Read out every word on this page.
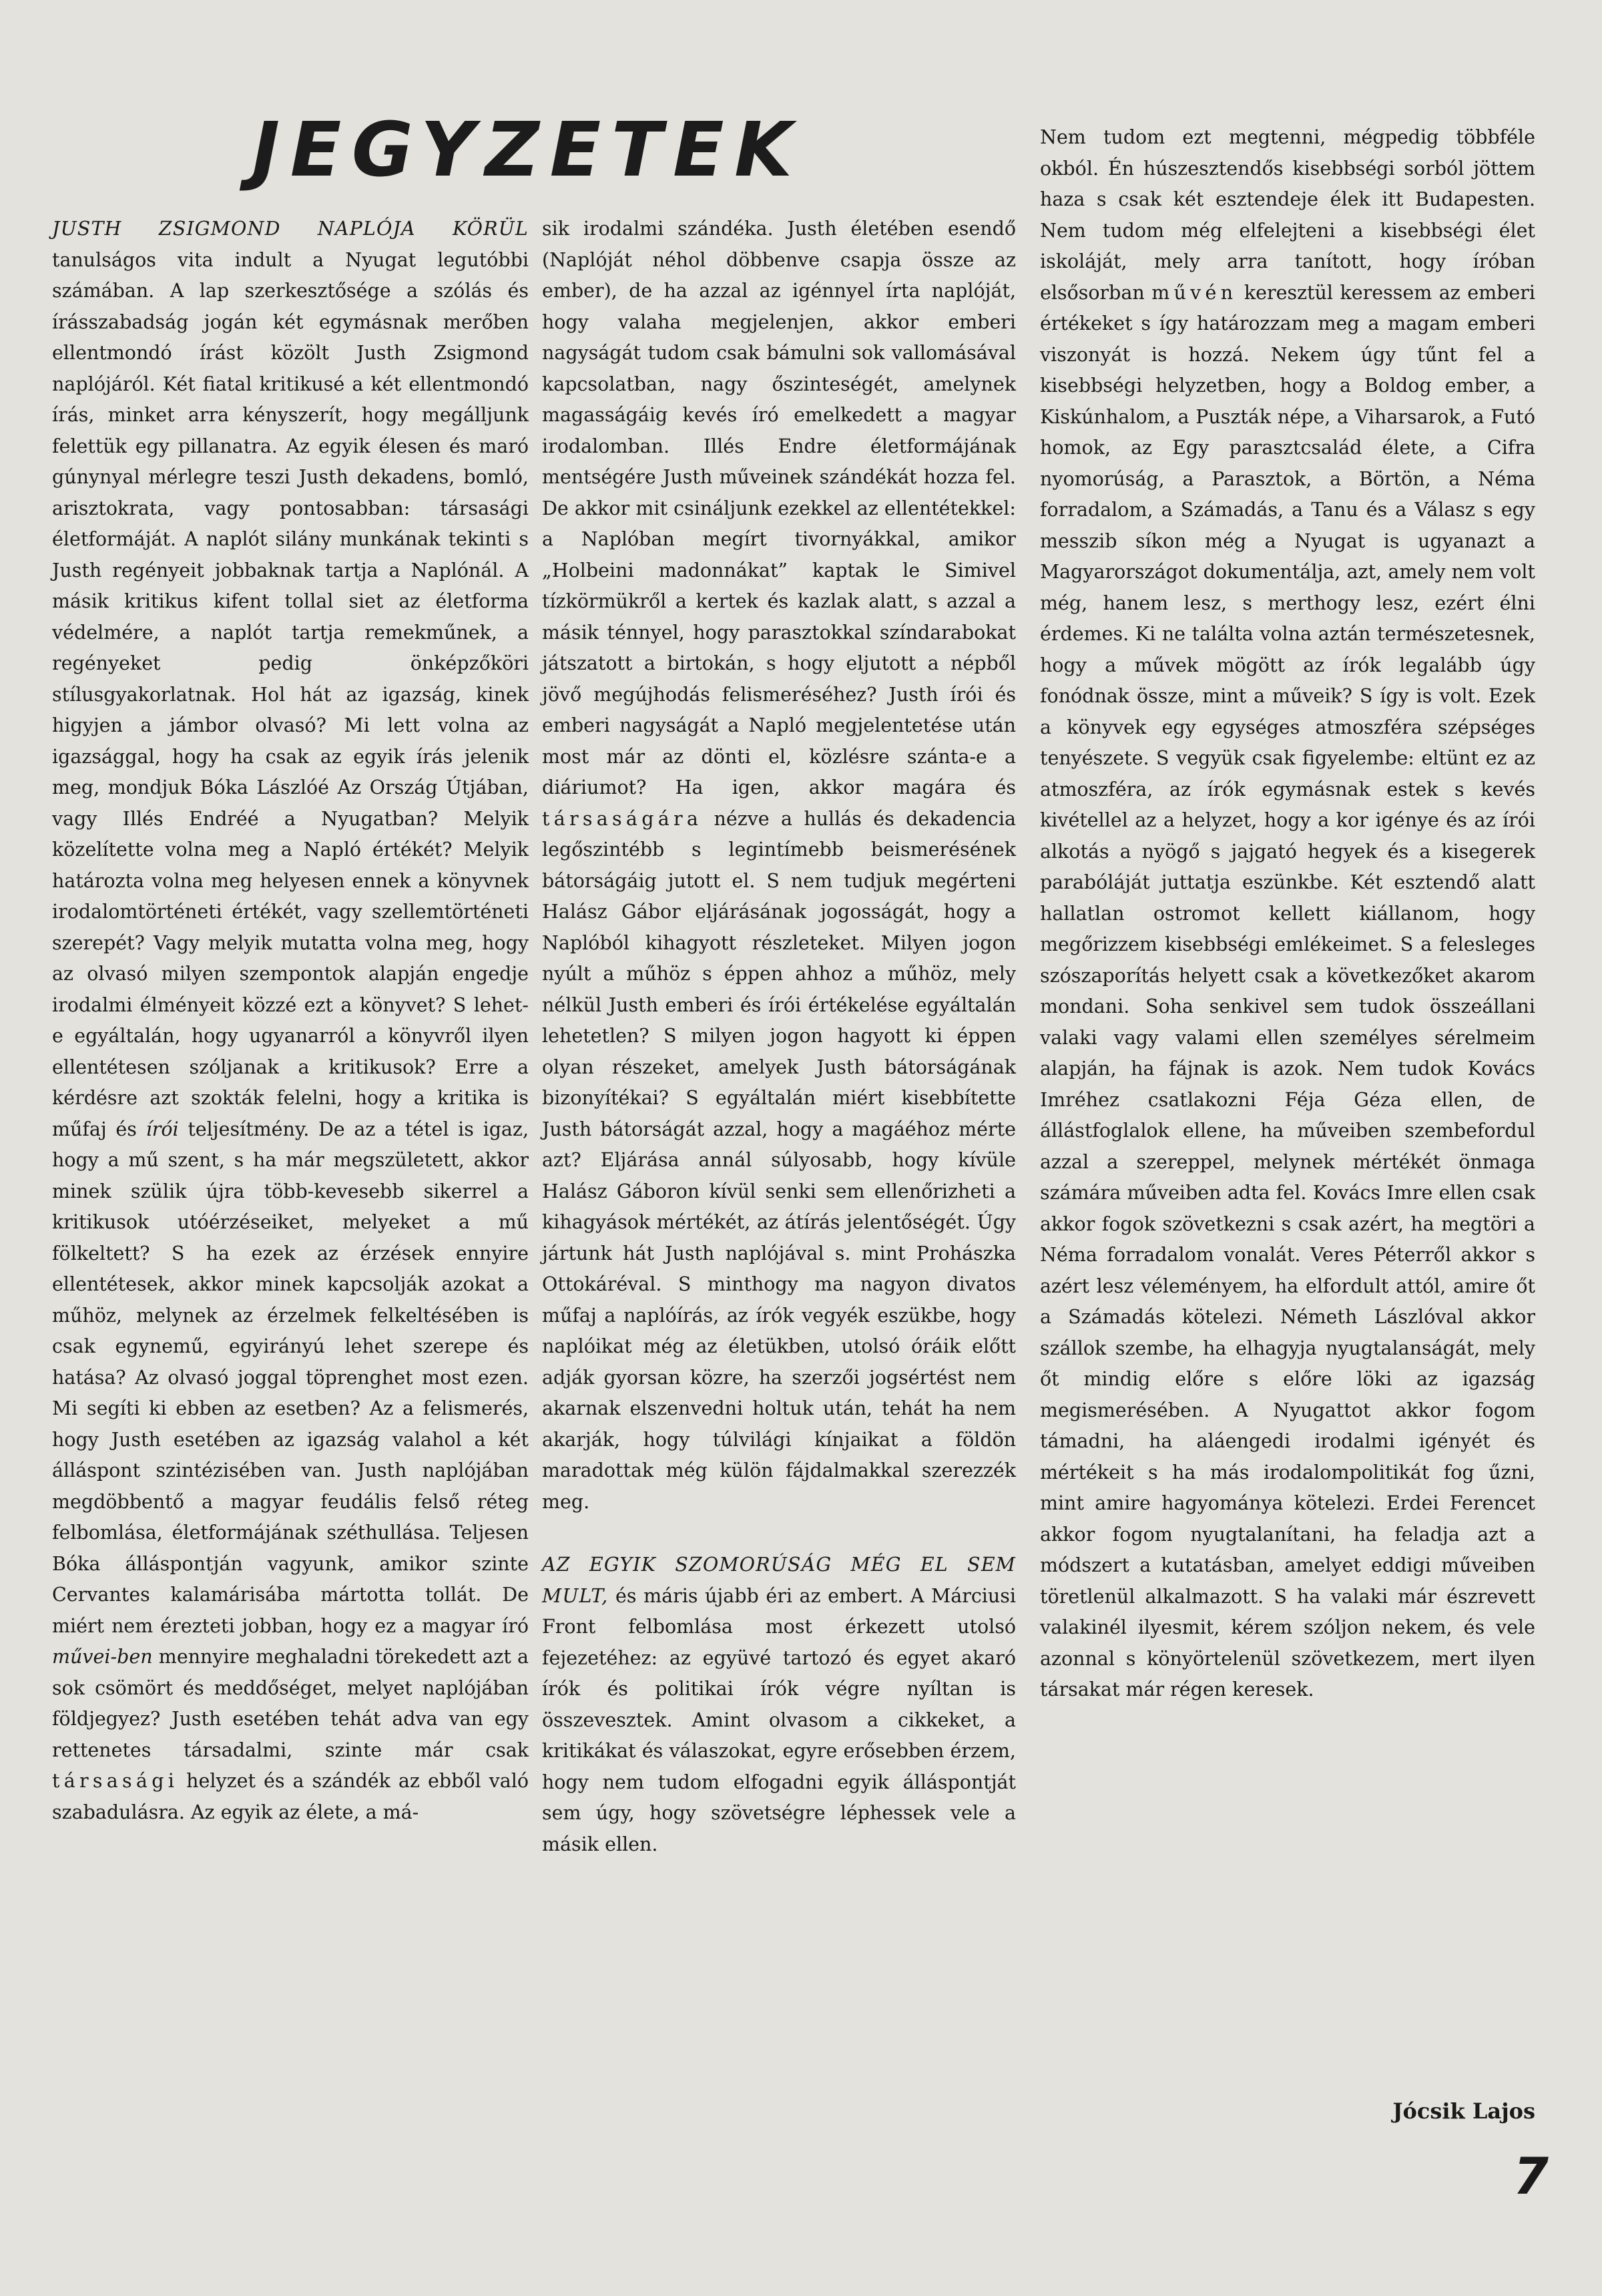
JEGYZETEK

JUSTH ZSIGMOND NAPLÓJA KÖRÜL tanulságos vita indult a Nyugat legutóbbi számában. A lap szerkesztősége a szólás és írásszabadság jogán két egymásnak merőben ellentmondó írást közölt Justh Zsigmond naplójáról. Két fiatal kritikusé a két ellentmondó írás, minket arra kényszerít, hogy megálljunk felettük egy pillanatra. Az egyik élesen és maró gúnynyal mérlegre teszi Justh dekadens, bomló, arisztokrata, vagy pontosabban: társasági életformáját. A naplót silány munkának tekinti s Justh regényeit jobbaknak tartja a Naplónál. A másik kritikus kifent tollal siet az életforma védelmére, a naplót tartja remekműnek, a regényeket pedig önképzőköri stílusgyakorlatnak. Hol hát az igazság, kinek higyjen a jámbor olvasó? Mi lett volna az igazsággal, hogy ha csak az egyik írás jelenik meg, mondjuk Bóka Lászlóé Az Ország Útjában, vagy Illés Endréé a Nyugatban? Melyik közelítette volna meg a Napló értékét? Melyik határozta volna meg helyesen ennek a könyvnek irodalomtörténeti értékét, vagy szellemtörténeti szerepét? Vagy melyik mutatta volna meg, hogy az olvasó milyen szempontok alapján engedje irodalmi élményeit közzé ezt a könyvet? S lehet-e egyáltalán, hogy ugyanarról a könyvről ilyen ellentétesen szóljanak a kritikusok? Erre a kérdésre azt szokták felelni, hogy a kritika is műfaj és írói teljesítmény. De az a tétel is igaz, hogy a mű szent, s ha már megszületett, akkor minek szülik újra több-kevesebb sikerrel a kritikusok utóérzéseiket, melyeket a mű fölkeltett? S ha ezek az érzések ennyire ellentétesek, akkor minek kapcsolják azokat a műhöz, melynek az érzelmek felkeltésében is csak egynemű, egyirányú lehet szerepe és hatása? Az olvasó joggal töprenghet most ezen. Mi segíti ki ebben az esetben? Az a felismerés, hogy Justh esetében az igazság valahol a két álláspont szintézisében van. Justh naplójában megdöbbentő a magyar feudális felső réteg felbomlása, életformájának széthullása. Teljesen Bóka álláspontján vagyunk, amikor szinte Cervantes kalamárisába mártotta tollát. De miért nem érezteti jobban, hogy ez a magyar író művei-ben mennyire meghaladni törekedett azt a sok csömört és meddőséget, melyet naplójában földjegyez? Justh esetében tehát adva van egy rettenetes társadalmi, szinte már csak társasági helyzet és a szándék az ebből való szabadulásra. Az egyik az élete, a má-

sik irodalmi szándéka. Justh életében esendő (Naplóját néhol döbbenve csapja össze az ember), de ha azzal az igénnyel írta naplóját, hogy valaha megjelenjen, akkor emberi nagyságát tudom csak bámulni sok vallomásával kapcsolatban, nagy őszinteségét, amelynek magasságáig kevés író emelkedett a magyar irodalomban. Illés Endre életformájának mentségére Justh műveinek szándékát hozza fel. De akkor mit csináljunk ezekkel az ellentétekkel: a Naplóban megírt tivornyákkal, amikor „Holbeini madonnákat” kaptak le Simivel tízkörmükről a kertek és kazlak alatt, s azzal a másik ténnyel, hogy parasztokkal színdarabokat játszatott a birtokán, s hogy eljutott a népből jövő megújhodás felismeréséhez? Justh írói és emberi nagyságát a Napló megjelentetése után most már az dönti el, közlésre szánta-e a diáriumot? Ha igen, akkor magára és társaságára nézve a hullás és dekadencia legőszintébb s legintímebb beismerésének bátorságáig jutott el. S nem tudjuk megérteni Halász Gábor eljárásának jogosságát, hogy a Naplóból kihagyott részleteket. Milyen jogon nyúlt a műhöz s éppen ahhoz a műhöz, mely nélkül Justh emberi és írói értékelése egyáltalán lehetetlen? S milyen jogon hagyott ki éppen olyan részeket, amelyek Justh bátorságának bizonyítékai? S egyáltalán miért kisebbítette Justh bátorságát azzal, hogy a magáéhoz mérte azt? Eljárása annál súlyosabb, hogy kívüle Halász Gáboron kívül senki sem ellenőrizheti a kihagyások mértékét, az átírás jelentőségét. Úgy jártunk hát Justh naplójával s. mint Prohászka Ottokáréval. S minthogy ma nagyon divatos műfaj a naplóírás, az írók vegyék eszükbe, hogy naplóikat még az életükben, utolsó óráik előtt adják gyorsan közre, ha szerzői jogsértést nem akarnak elszenvedni holtuk után, tehát ha nem akarják, hogy túlvilági kínjaikat a földön maradottak még külön fájdalmakkal szerezzék meg.

AZ EGYIK SZOMORÚSÁG MÉG EL SEM MULT, és máris újabb éri az embert. A Márciusi Front felbomlása most érkezett utolsó fejezetéhez: az együvé tartozó és egyet akaró írók és politikai írók végre nyíltan is összevesztek. Amint olvasom a cikkeket, a kritikákat és válaszokat, egyre erősebben érzem, hogy nem tudom elfogadni egyik álláspontját sem úgy, hogy szövetségre léphessek vele a másik ellen.

Nem tudom ezt megtenni, mégpedig többféle okból. Én húszesztendős kisebbségi sorból jöttem haza s csak két esztendeje élek itt Budapesten. Nem tudom még elfelejteni a kisebbségi élet iskoláját, mely arra tanított, hogy íróban elsősorban művén keresztül keressem az emberi értékeket s így határozzam meg a magam emberi viszonyát is hozzá. Nekem úgy tűnt fel a kisebbségi helyzetben, hogy a Boldog ember, a Kiskúnhalom, a Puszták népe, a Viharsarok, a Futó homok, az Egy parasztcsalád élete, a Cifra nyomorúság, a Parasztok, a Börtön, a Néma forradalom, a Számadás, a Tanu és a Válasz s egy messzib síkon még a Nyugat is ugyanazt a Magyarországot dokumentálja, azt, amely nem volt még, hanem lesz, s merthogy lesz, ezért élni érdemes. Ki ne találta volna aztán természetesnek, hogy a művek mögött az írók legalább úgy fonódnak össze, mint a műveik? S így is volt. Ezek a könyvek egy egységes atmoszféra szépséges tenyészete. S vegyük csak figyelembe: eltünt ez az atmoszféra, az írók egymásnak estek s kevés kivétellel az a helyzet, hogy a kor igénye és az írói alkotás a nyögő s jajgató hegyek és a kisegerek parabóláját juttatja eszünkbe. Két esztendő alatt hallatlan ostromot kellett kiállanom, hogy megőrizzem kisebbségi emlékeimet. S a felesleges szószaporítás helyett csak a következőket akarom mondani. Soha senkivel sem tudok összeállani valaki vagy valami ellen személyes sérelmeim alapján, ha fájnak is azok. Nem tudok Kovács Imréhez csatlakozni Féja Géza ellen, de állástfoglalok ellene, ha műveiben szembefordul azzal a szereppel, melynek mértékét önmaga számára műveiben adta fel. Kovács Imre ellen csak akkor fogok szövetkezni s csak azért, ha megtöri a Néma forradalom vonalát. Veres Péterről akkor s azért lesz véleményem, ha elfordult attól, amire őt a Számadás kötelezi. Németh Lászlóval akkor szállok szembe, ha elhagyja nyugtalanságát, mely őt mindig előre s előre löki az igazság megismerésében. A Nyugattot akkor fogom támadni, ha aláengedi irodalmi igényét és mértékeit s ha más irodalompolitikát fog űzni, mint amire hagyománya kötelezi. Erdei Ferencet akkor fogom nyugtalanítani, ha feladja azt a módszert a kutatásban, amelyet eddigi műveiben töretlenül alkalmazott. S ha valaki már észrevett valakinél ilyesmit, kérem szóljon nekem, és vele azonnal s könyörtelenül szövetkezem, mert ilyen társakat már régen keresek.

Jócsik Lajos
7
